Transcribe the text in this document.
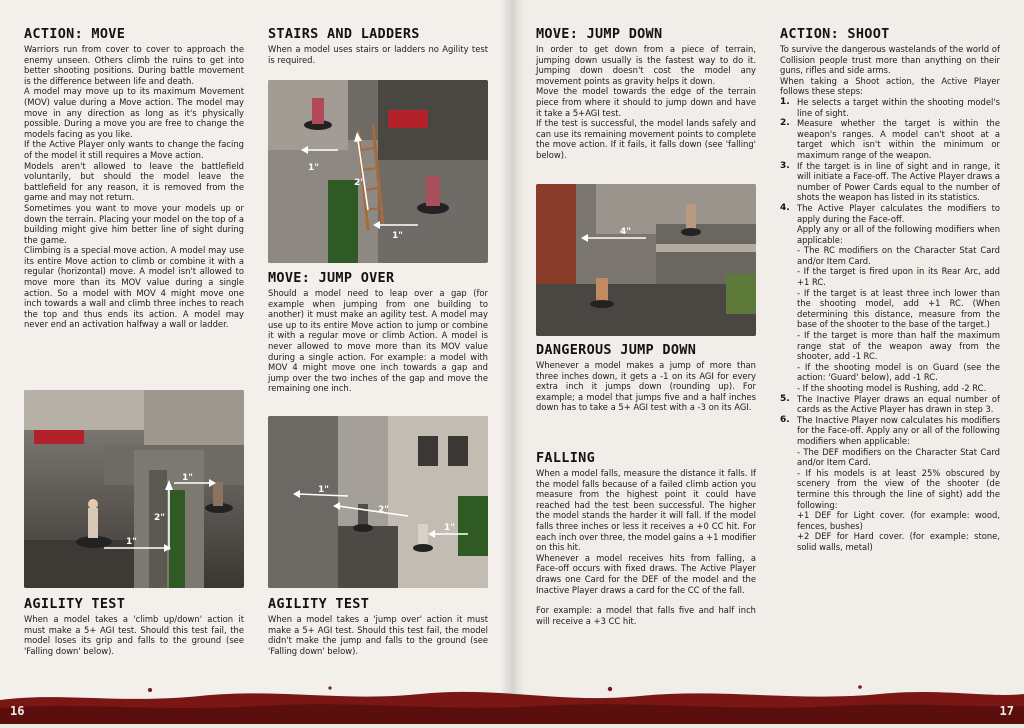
ACTION: MOVE

Warriors run from cover to cover to approach the enemy unseen. Others climb the ruins to get into better shooting positions. During battle movement is the difference between life and death.

A model may move up to its maximum Movement (MOV) value during a Move action. The model may move in any direction as long as it's physically possible. During a move you are free to change the models facing as you like.

If the Active Player only wants to change the facing of the model it still requires a Move action.

Models aren't allowed to leave the battlefield voluntarily, but should the model leave the battlefield for any reason, it is removed from the game and may not return.

Sometimes you want to move your models up or down the terrain. Placing your model on the top of a building might give him better line of sight during the game.

Climbing is a special move action. A model may use its entire Move action to climb or combine it with a regular (horizontal) move. A model isn't allowed to move more than its MOV value during a single action. So a model with MOV 4 might move one inch towards a wall and climb three inches to reach the top and thus ends its action. A model may never end an activation halfway a wall or ladder.

1"
2"
1"
AGILITY TEST

When a model takes a 'climb up/down' action it must make a 5+ AGI test. Should this test fail, the model loses its grip and falls to the ground (see 'Falling down' below).

STAIRS AND LADDERS

When a model uses stairs or ladders no Agility test is required.

1"
2"
1"
MOVE: JUMP OVER

Should a model need to leap over a gap (for example when jumping from one building to another) it must make an agility test. A model may use up to its entire Move action to jump or combine it with a regular move or climb Action. A model is never allowed to move more than its MOV value during a single action. For example: a model with MOV 4 might move one inch towards a gap and jump over the two inches of the gap and move the remaining one inch.

1"
2"
1"
AGILITY TEST

When a model takes a 'jump over' action it must make a 5+ AGI test. Should this test fail, the model didn't make the jump and falls to the ground (see 'Falling down' below).

MOVE: JUMP DOWN

In order to get down from a piece of terrain, jumping down usually is the fastest way to do it. Jumping down doesn't cost the model any movement points as gravity helps it down.

Move the model towards the edge of the terrain piece from where it should to jump down and have it take a 5+AGI test.

If the test is successful, the model lands safely and can use its remaining movement points to complete the move action. If it fails, it falls down (see 'falling' below).

4"
DANGEROUS JUMP DOWN

Whenever a model makes a jump of more than three inches down, it gets a -1 on its AGI for every extra inch it jumps down (rounding up). For example; a model that jumps five and a half inches down has to take a 5+ AGI test with a -3 on its AGI.

FALLING

When a model falls, measure the distance it falls. If the model falls because of a failed climb action you measure from the highest point it could have reached had the test been successful. The higher the model stands the harder it will fall. If the model falls three inches or less it receives a +0 CC hit. For each inch over three, the model gains a +1 modifier on this hit.

Whenever a model receives hits from falling, a Face-off occurs with fixed draws. The Active Player draws one Card for the DEF of the model and the Inactive Player draws a card for the CC of the fall.

For example: a model that falls five and half inch will receive a +3 CC hit.

ACTION: SHOOT

To survive the dangerous wastelands of the world of Collision people trust more than anything on their guns, rifles and side arms.

When taking a Shoot action, the Active Player follows these steps:

1. He selects a target within the shooting model's line of sight.
2. Measure whether the target is within the weapon's ranges. A model can't shoot at a target which isn't within the minimum or maximum range of the weapon.
3. If the target is in line of sight and in range, it will initiate a Face-off. The Active Player draws a number of Power Cards equal to the number of shots the weapon has listed in its statistics.
4. The Active Player calculates the modifiers to apply during the Face-off.
Apply any or all of the following modifiers when applicable:
- The RC modifiers on the Character Stat Card and/or Item Card.
- If the target is fired upon in its Rear Arc, add +1 RC.
- If the target is at least three inch lower than the shooting model, add +1 RC. (When determining this distance, measure from the base of the shooter to the base of the target.)
- If the target is more than half the maximum range stat of the weapon away from the shooter, add -1 RC.
- If the shooting model is on Guard (see the action: 'Guard' below), add -1 RC.
- If the shooting model is Rushing, add -2 RC.
5. The Inactive Player draws an equal number of cards as the Active Player has drawn in step 3.
6. The Inactive Player now calculates his modifiers for the Face-off. Apply any or all of the following modifiers when applicable:
- The DEF modifiers on the Character Stat Card and/or Item Card.
- If his models is at least 25% obscured by scenery from the view of the shooter (de termine this through the line of sight) add the following:
+1 DEF for Light cover. (for example: wood, fences, bushes)
+2 DEF for Hard cover. (for example: stone, solid walls, metal)
16	17
